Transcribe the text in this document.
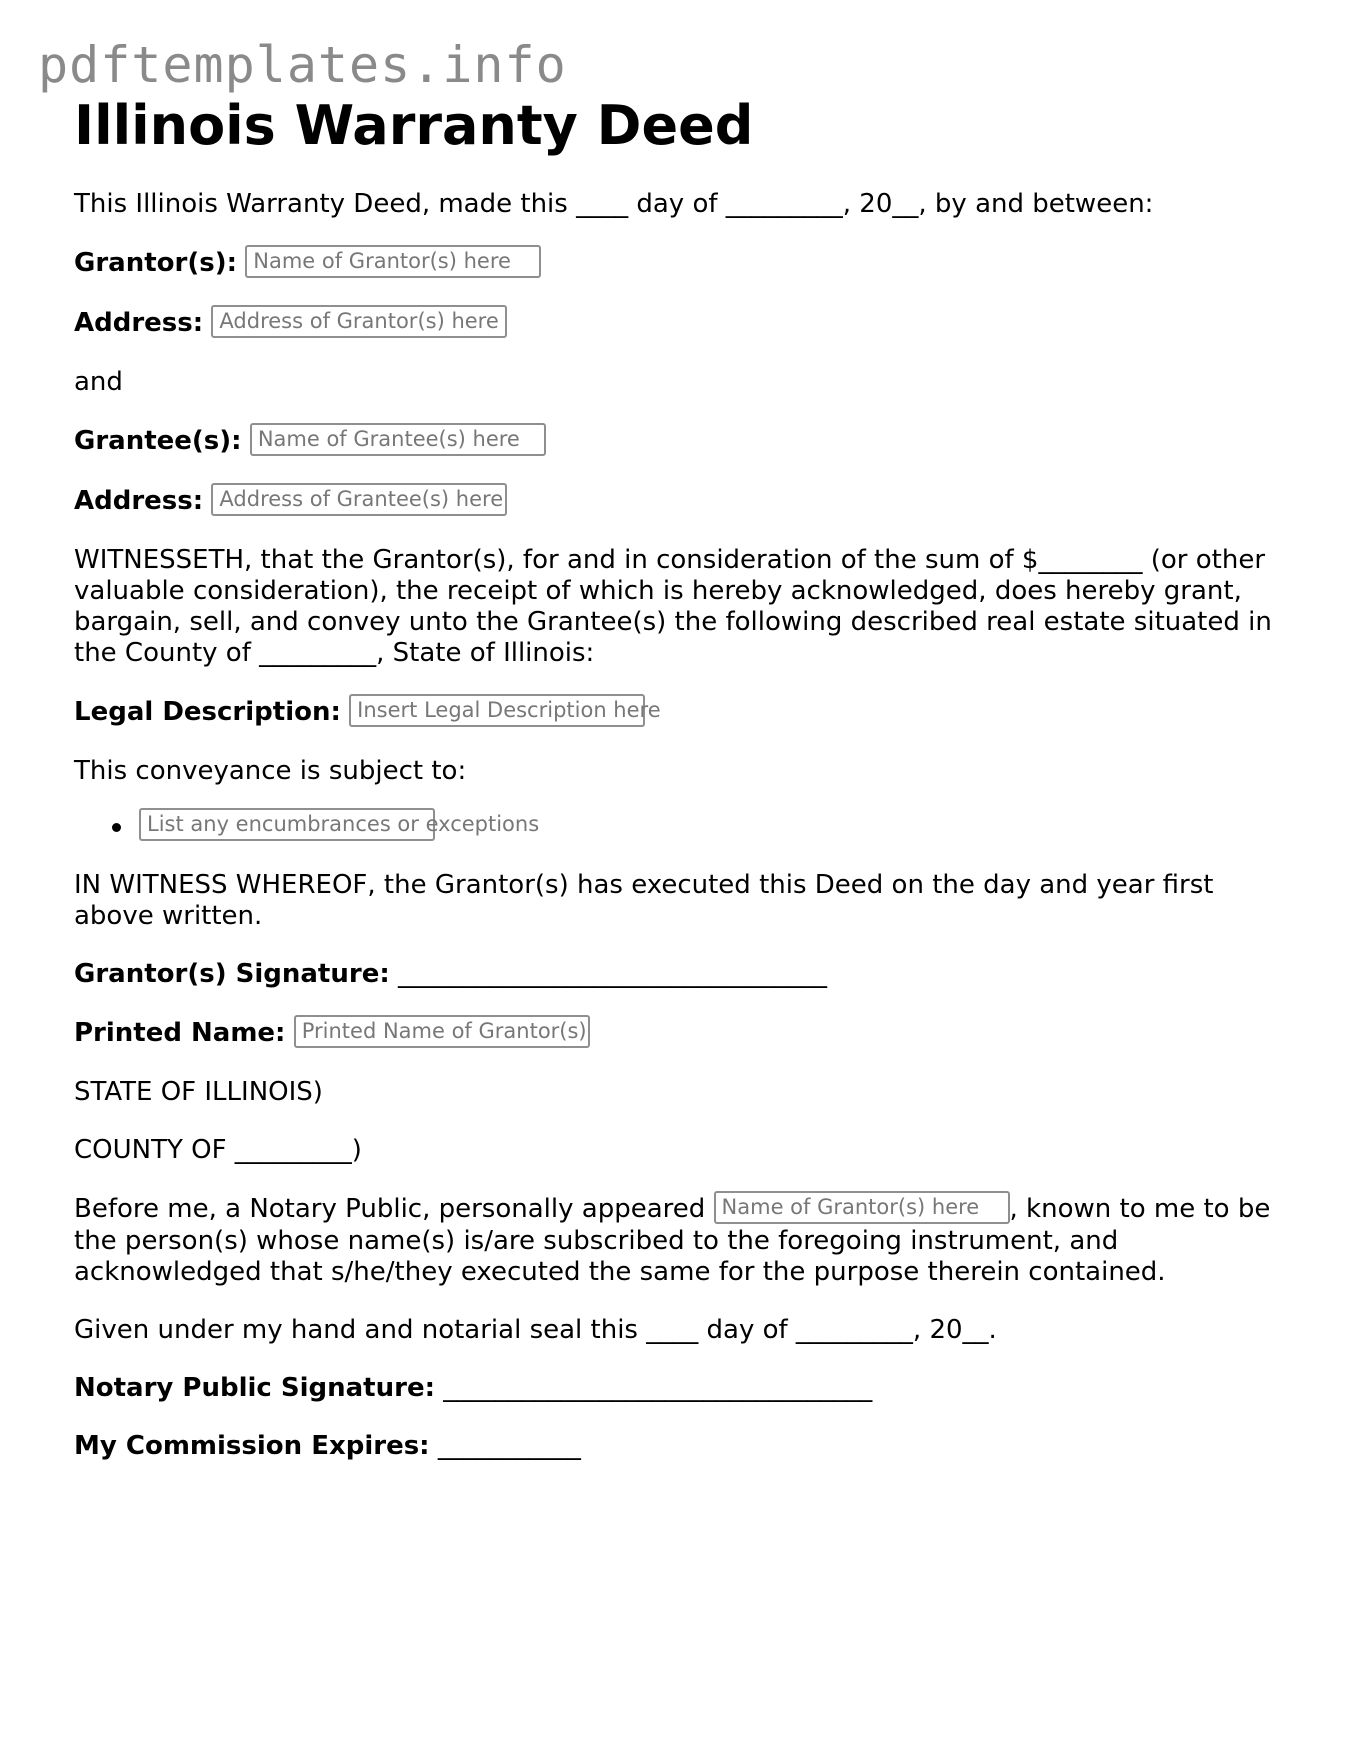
pdftemplates.info
Illinois Warranty Deed

This Illinois Warranty Deed, made this ____ day of _________, 20__, by and between:

Grantor(s): Name of Grantor(s) here

Address: Address of Grantor(s) here

and

Grantee(s): Name of Grantee(s) here

Address: Address of Grantee(s) here

WITNESSETH, that the Grantor(s), for and in consideration of the sum of $________ (or other valuable consideration), the receipt of which is hereby acknowledged, does hereby grant, bargain, sell, and convey unto the Grantee(s) the following described real estate situated in the County of _________, State of Illinois:

Legal Description: Insert Legal Description here

This conveyance is subject to:

List any encumbrances or exceptions

IN WITNESS WHEREOF, the Grantor(s) has executed this Deed on the day and year first above written.

Grantor(s) Signature: _________________________________

Printed Name: Printed Name of Grantor(s)

STATE OF ILLINOIS)

COUNTY OF _________)

Before me, a Notary Public, personally appeared Name of Grantor(s) here , known to me to be the person(s) whose name(s) is/are subscribed to the foregoing instrument, and acknowledged that s/he/they executed the same for the purpose therein contained.

Given under my hand and notarial seal this ____ day of _________, 20__.

Notary Public Signature: _________________________________

My Commission Expires: ___________
